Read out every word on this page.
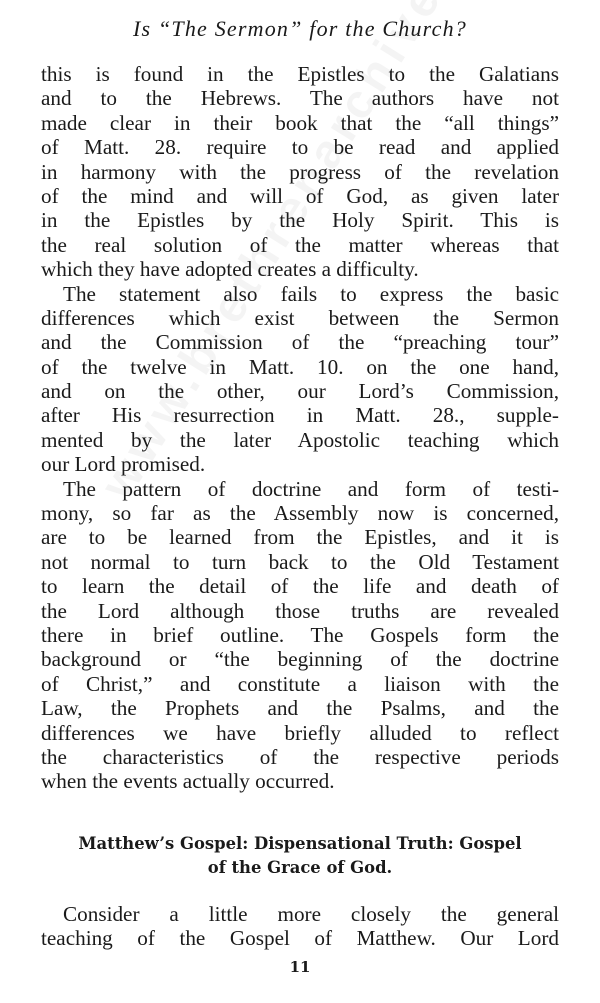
Is “The Sermon” for the Church?
this is found in the Epistles to the Galatians
and to the Hebrews. The authors have not
made clear in their book that the “all things”
of Matt. 28. require to be read and applied
in harmony with the progress of the revelation
of the mind and will of God, as given later
in the Epistles by the Holy Spirit. This is
the real solution of the matter whereas that
which they have adopted creates a difficulty.
The statement also fails to express the basic
differences which exist between the Sermon
and the Commission of the “preaching tour”
of the twelve in Matt. 10. on the one hand,
and on the other, our Lord’s Commission,
after His resurrection in Matt. 28., supple-
mented by the later Apostolic teaching which
our Lord promised.
The pattern of doctrine and form of testi-
mony, so far as the Assembly now is concerned,
are to be learned from the Epistles, and it is
not normal to turn back to the Old Testament
to learn the detail of the life and death of
the Lord although those truths are revealed
there in brief outline. The Gospels form the
background or “the beginning of the doctrine
of Christ,” and constitute a liaison with the
Law, the Prophets and the Psalms, and the
differences we have briefly alluded to reflect
the characteristics of the respective periods
when the events actually occurred.
Matthew’s Gospel: Dispensational Truth: Gospel
of the Grace of God.
Consider a little more closely the general
teaching of the Gospel of Matthew. Our Lord
11
